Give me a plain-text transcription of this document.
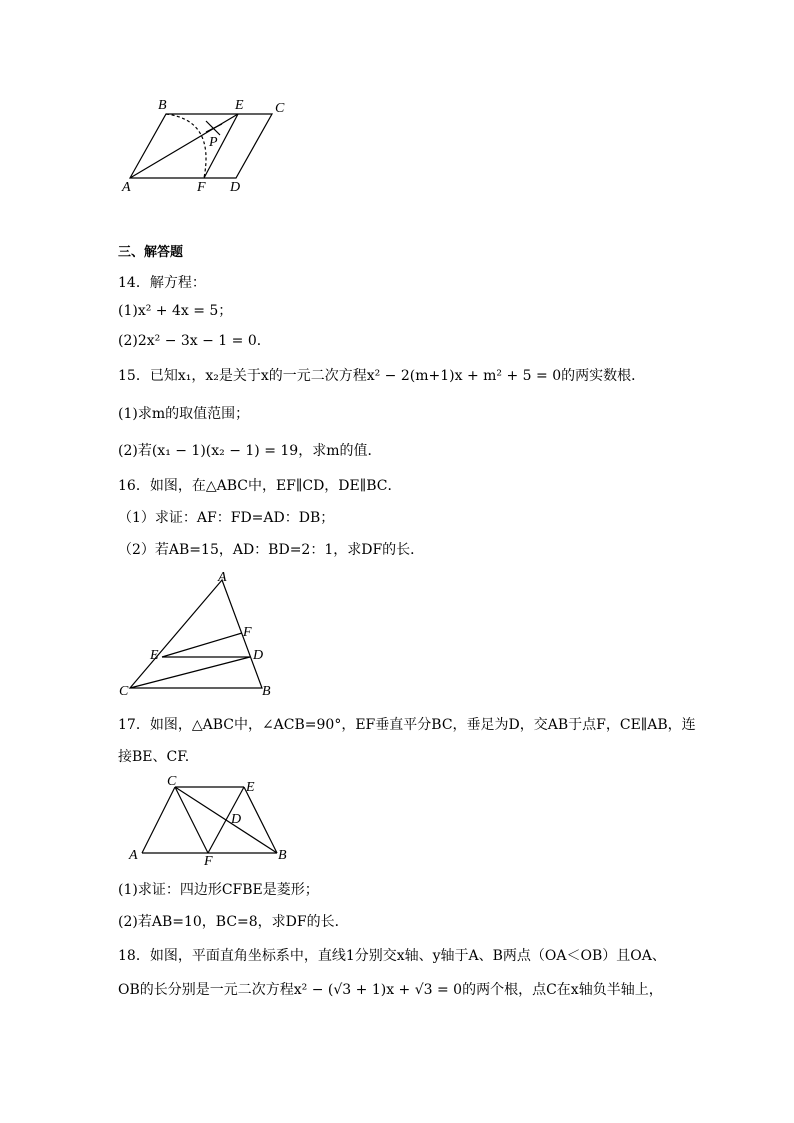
B	E C
P
A	F D
三、解答题
14．解方程：
(1)x² + 4x = 5；
(2)2x² − 3x − 1 = 0．
15．已知x₁，x₂是关于x的一元二次方程x² − 2(m+1)x + m² + 5 = 0的两实数根．
(1)求m的取值范围；
(2)若(x₁ − 1)(x₂ − 1) = 19，求m的值．
16．如图，在△ABC中，EF∥CD，DE∥BC．
（1）求证：AF：FD=AD：DB；
（2）若AB=15，AD：BD=2：1，求DF的长．
A
F
E	D
C	B
17．如图，△ABC中，∠ACB=90°，EF垂直平分BC，垂足为D，交AB于点F，CE∥AB，连
接BE、CF.
C	E
D
A	F	B
(1)求证：四边形CFBE是菱形；
(2)若AB=10，BC=8，求DF的长．
18．如图，平面直角坐标系中，直线1分别交x轴、y轴于A、B两点（OA＜OB）且OA、
OB的长分别是一元二次方程x² − (√3 + 1)x + √3 = 0的两个根，点C在x轴负半轴上，
